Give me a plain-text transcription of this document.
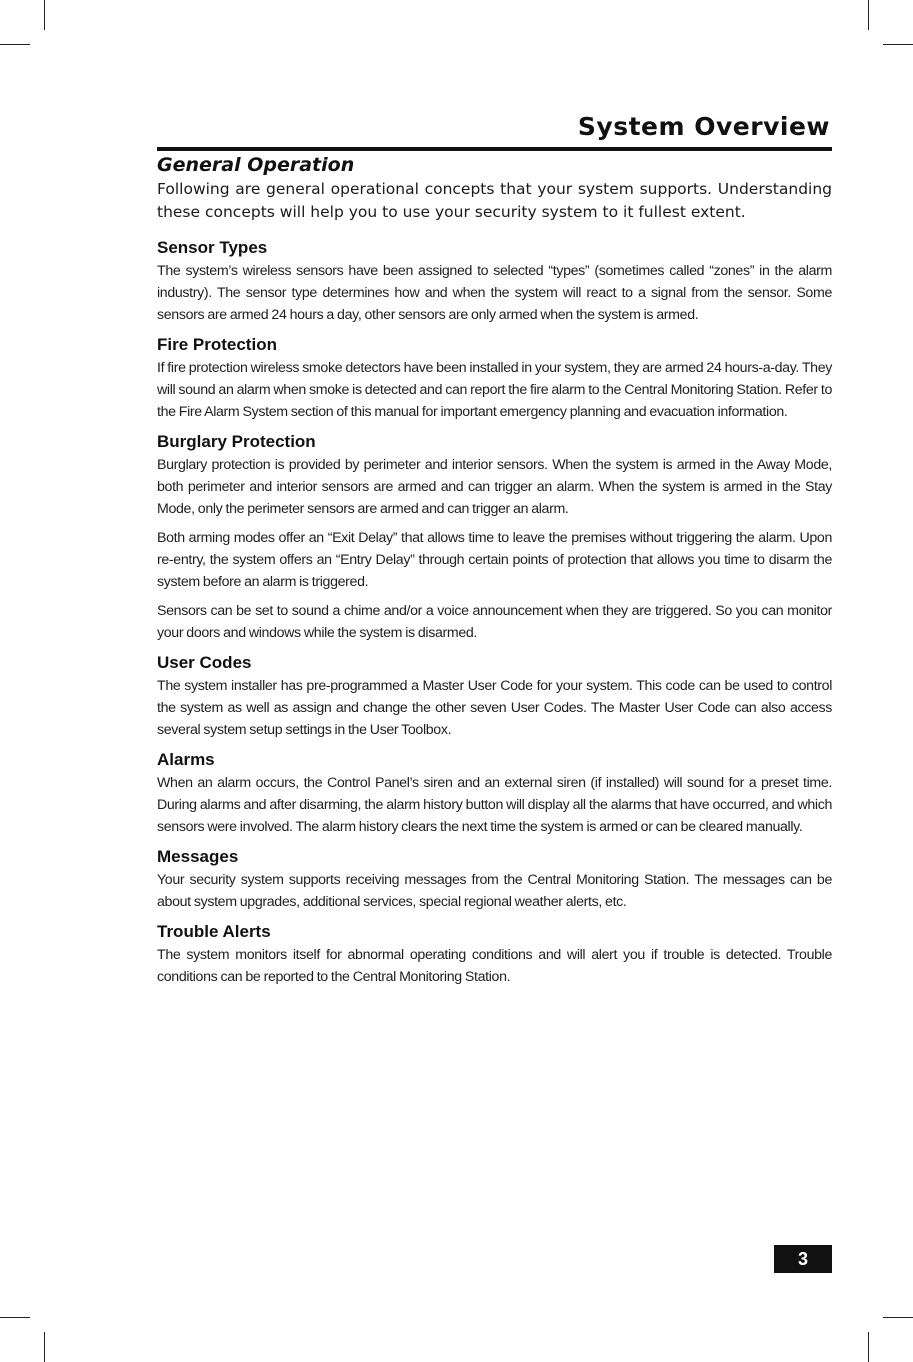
System Overview
General Operation

Following are general operational concepts that your system supports. Understanding these concepts will help you to use your security system to it fullest extent.

Sensor Types

The system’s wireless sensors have been assigned to selected “types” (sometimes called “zones” in the alarm industry). The sensor type determines how and when the system will react to a signal from the sensor. Some sensors are armed 24 hours a day, other sensors are only armed when the system is armed.

Fire Protection

If fire protection wireless smoke detectors have been installed in your system, they are armed 24 hours-a-day. They will sound an alarm when smoke is detected and can report the fire alarm to the Central Monitoring Station. Refer to the Fire Alarm System section of this manual for important emergency planning and evacuation information.

Burglary Protection

Burglary protection is provided by perimeter and interior sensors. When the system is armed in the Away Mode, both perimeter and interior sensors are armed and can trigger an alarm. When the system is armed in the Stay Mode, only the perimeter sensors are armed and can trigger an alarm.

Both arming modes offer an “Exit Delay” that allows time to leave the premises without triggering the alarm. Upon re-entry, the system offers an “Entry Delay” through certain points of protection that allows you time to disarm the system before an alarm is triggered.

Sensors can be set to sound a chime and/or a voice announcement when they are triggered. So you can monitor your doors and windows while the system is disarmed.

User Codes

The system installer has pre-programmed a Master User Code for your system. This code can be used to control the system as well as assign and change the other seven User Codes. The Master User Code can also access several system setup settings in the User Toolbox.

Alarms

When an alarm occurs, the Control Panel’s siren and an external siren (if installed) will sound for a preset time. During alarms and after disarming, the alarm history button will display all the alarms that have occurred, and which sensors were involved. The alarm history clears the next time the system is armed or can be cleared manually.

Messages

Your security system supports receiving messages from the Central Monitoring Station. The messages can be about system upgrades, additional services, special regional weather alerts, etc.

Trouble Alerts

The system monitors itself for abnormal operating conditions and will alert you if trouble is detected. Trouble conditions can be reported to the Central Monitoring Station.

3
